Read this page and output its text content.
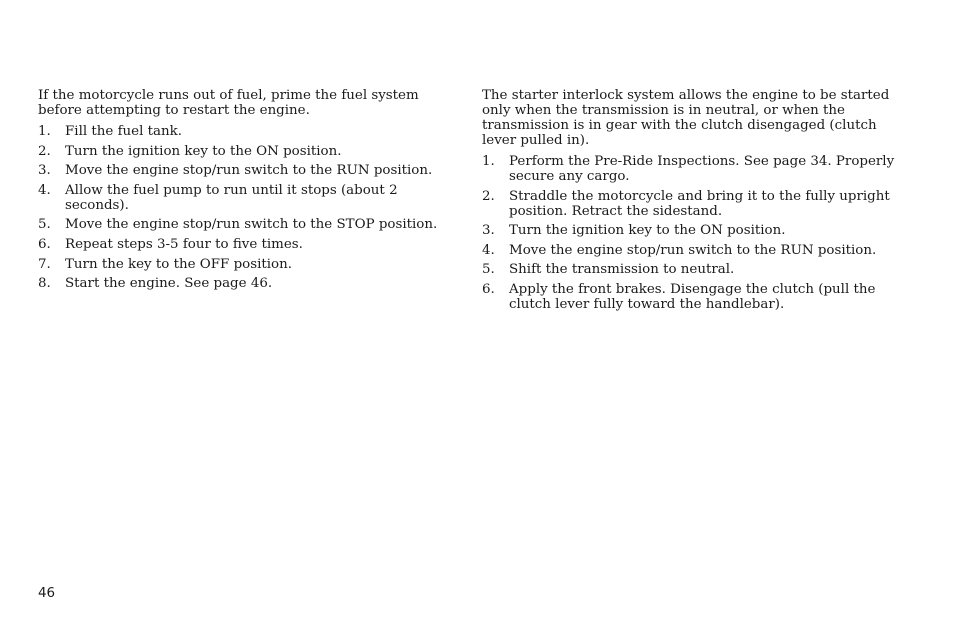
If the motorcycle runs out of fuel, prime the fuel system before attempting to restart the engine.

1.	Fill the fuel tank.
2.	Turn the ignition key to the ON position.
3.	Move the engine stop/run switch to the RUN position.
4.	Allow the fuel pump to run until it stops (about 2 seconds).
5.	Move the engine stop/run switch to the STOP position.
6.	Repeat steps 3-5 four to five times.
7.	Turn the key to the OFF position.
8.	Start the engine. See page 46.

The starter interlock system allows the engine to be started only when the transmission is in neutral, or when the transmission is in gear with the clutch disengaged (clutch lever pulled in).

1.	Perform the Pre-Ride Inspections. See page 34. Properly secure any cargo.
2.	Straddle the motorcycle and bring it to the fully upright position. Retract the sidestand.
3.	Turn the ignition key to the ON position.
4.	Move the engine stop/run switch to the RUN position.
5.	Shift the transmission to neutral.
6.	Apply the front brakes. Disengage the clutch (pull the clutch lever fully toward the handlebar).
46
